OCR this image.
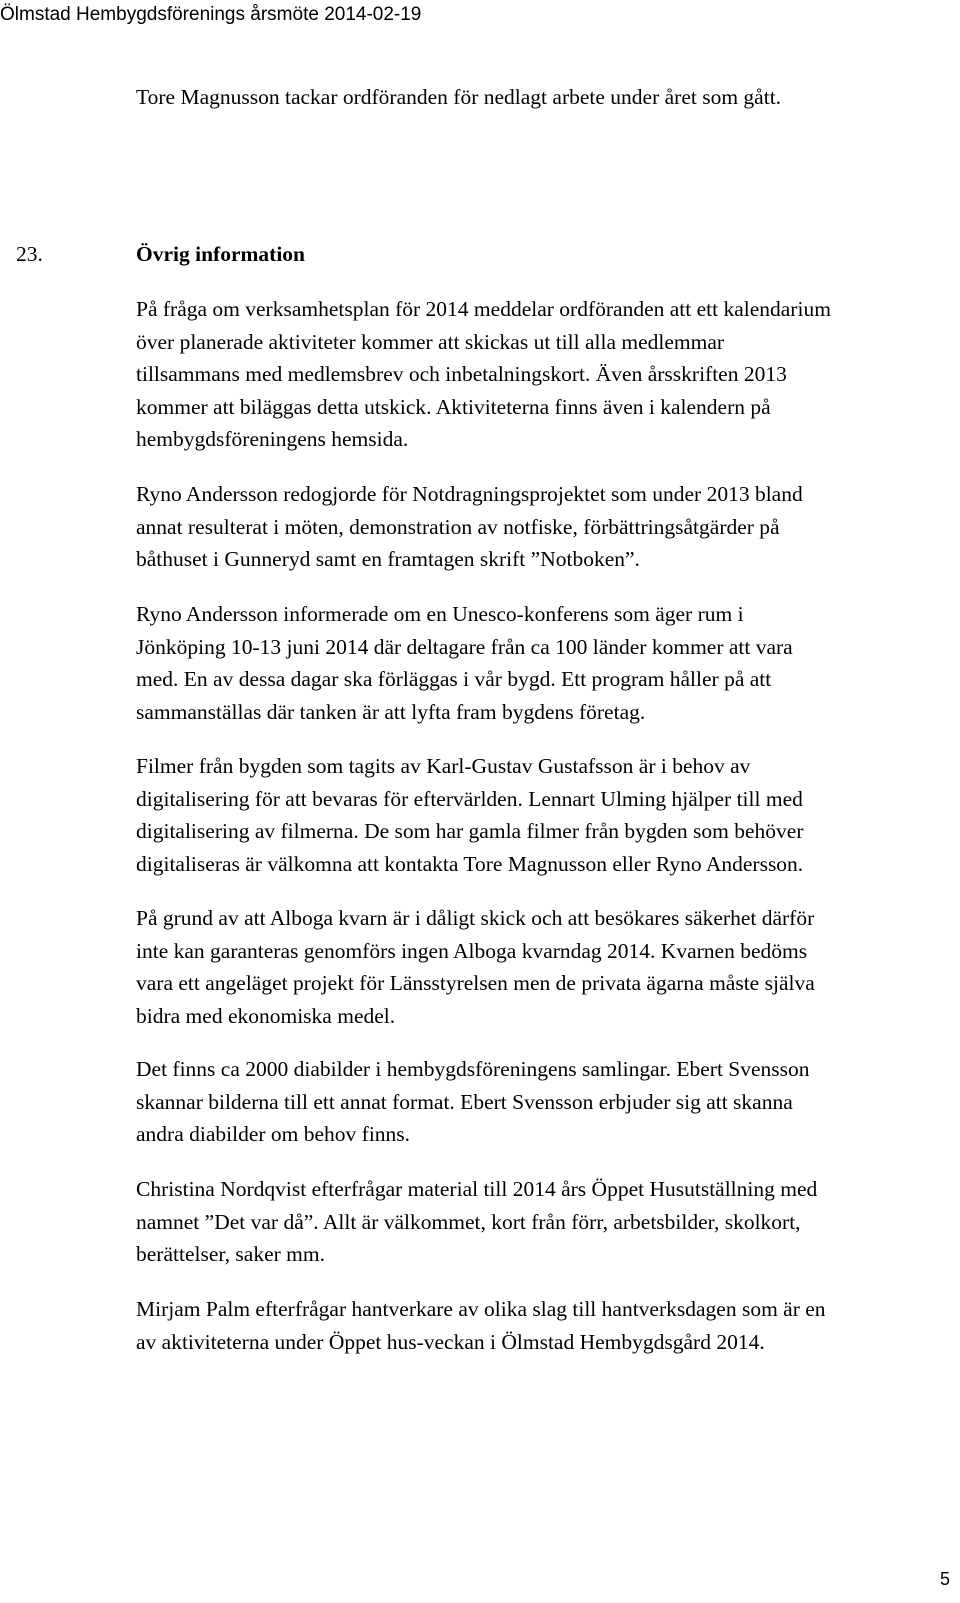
Ölmstad Hembygdsförenings årsmöte 2014-02-19

Tore Magnusson tackar ordföranden för nedlagt arbete under året som gått.

23.	Övrig information

På fråga om verksamhetsplan för 2014 meddelar ordföranden att ett kalendarium
över planerade aktiviteter kommer att skickas ut till alla medlemmar
tillsammans med medlemsbrev och inbetalningskort. Även årsskriften 2013
kommer att biläggas detta utskick. Aktiviteterna finns även i kalendern på
hembygdsföreningens hemsida.

Ryno Andersson redogjorde för Notdragningsprojektet som under 2013 bland
annat resulterat i möten, demonstration av notfiske, förbättringsåtgärder på
båthuset i Gunneryd samt en framtagen skrift ”Notboken”.

Ryno Andersson informerade om en Unesco-konferens som äger rum i
Jönköping 10-13 juni 2014 där deltagare från ca 100 länder kommer att vara
med. En av dessa dagar ska förläggas i vår bygd. Ett program håller på att
sammanställas där tanken är att lyfta fram bygdens företag.

Filmer från bygden som tagits av Karl-Gustav Gustafsson är i behov av
digitalisering för att bevaras för eftervärlden. Lennart Ulming hjälper till med
digitalisering av filmerna. De som har gamla filmer från bygden som behöver
digitaliseras är välkomna att kontakta Tore Magnusson eller Ryno Andersson.

På grund av att Alboga kvarn är i dåligt skick och att besökares säkerhet därför
inte kan garanteras genomförs ingen Alboga kvarndag 2014. Kvarnen bedöms
vara ett angeläget projekt för Länsstyrelsen men de privata ägarna måste själva
bidra med ekonomiska medel.

Det finns ca 2000 diabilder i hembygdsföreningens samlingar. Ebert Svensson
skannar bilderna till ett annat format. Ebert Svensson erbjuder sig att skanna
andra diabilder om behov finns.

Christina Nordqvist efterfrågar material till 2014 års Öppet Husutställning med
namnet ”Det var då”. Allt är välkommet, kort från förr, arbetsbilder, skolkort,
berättelser, saker mm.

Mirjam Palm efterfrågar hantverkare av olika slag till hantverksdagen som är en
av aktiviteterna under Öppet hus-veckan i Ölmstad Hembygdsgård 2014.

5
